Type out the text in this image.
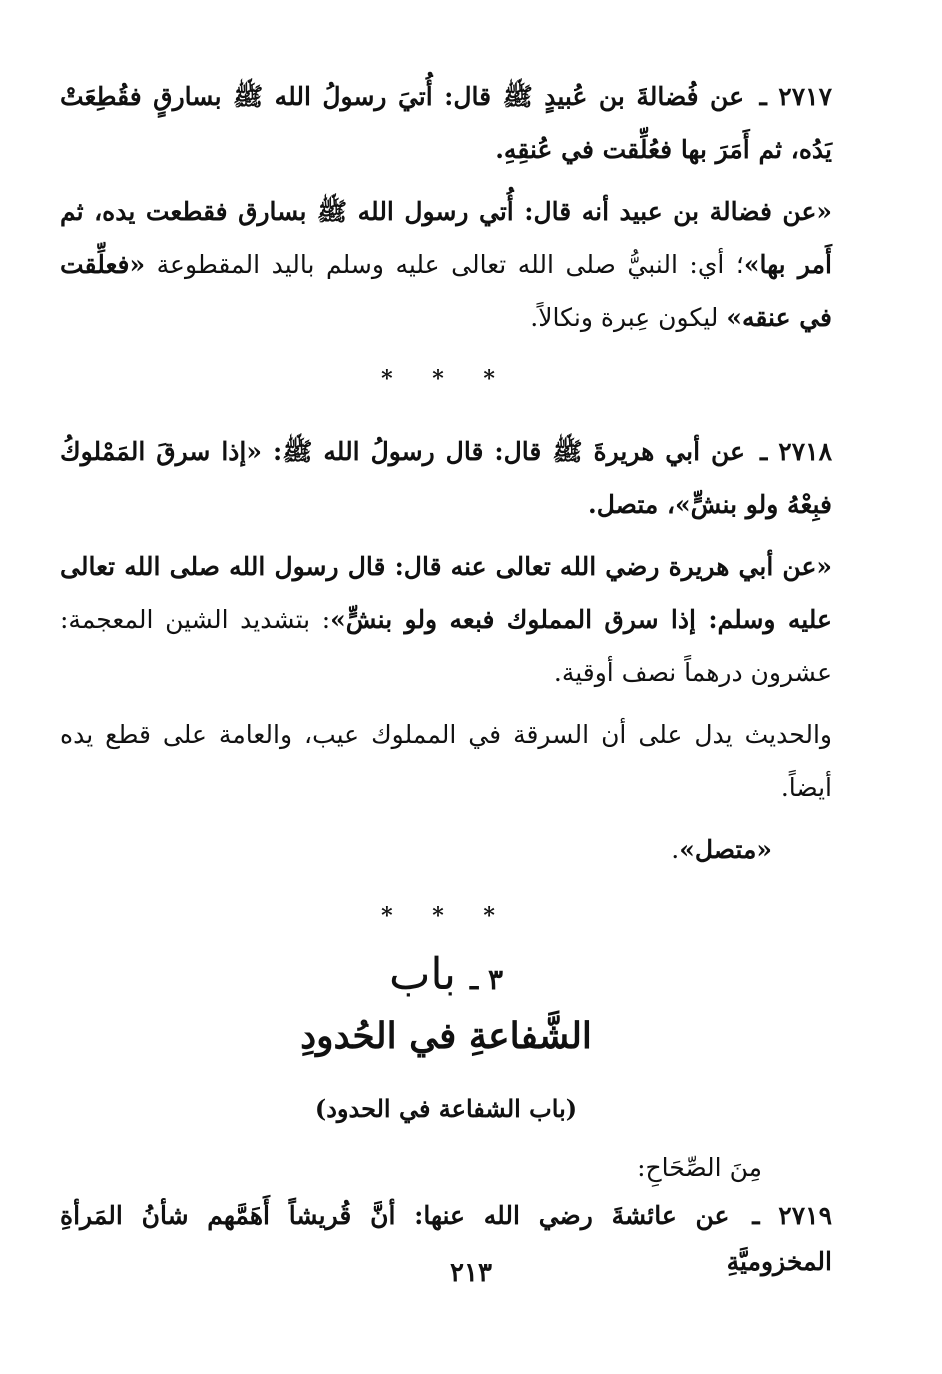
٢٧١٧ ـ عن فُضالةَ بن عُبيدٍ ﷺ قال: أُتيَ رسولُ الله ﷺ بسارقٍ فقُطِعَتْ يَدُه، ثم أَمَرَ بها فعُلِّقت في عُنقِهِ.

«عن فضالة بن عبيد أنه قال: أُتي رسول الله ﷺ بسارق فقطعت يده، ثم أَمر بها»؛ أي: النبيُّ صلى الله تعالى عليه وسلم باليد المقطوعة «فعلِّقت في عنقه» ليكون عِبرة ونكالاً.

* * *

٢٧١٨ ـ عن أبي هريرةَ ﷺ قال: قال رسولُ الله ﷺ: «إذا سرقَ المَمْلوكُ فبِعْهُ ولو بنشٍّ»، متصل.

«عن أبي هريرة رضي الله تعالى عنه قال: قال رسول الله صلى الله تعالى عليه وسلم: إذا سرق المملوك فبعه ولو بنشٍّ»: بتشديد الشين المعجمة: عشرون درهماً نصف أوقية.

والحديث يدل على أن السرقة في المملوك عيب، والعامة على قطع يده أيضاً.

«متصل».

* * *
٣ ـ باب
الشَّفاعةِ في الحُدودِ
(باب الشفاعة في الحدود)
مِنَ الصِّحَاحِ:

٢٧١٩ ـ عن عائشةَ رضي الله عنها: أنَّ قُريشاً أَهَمَّهم شأنُ المَرأةِ المخزوميَّةِ

٢١٣
